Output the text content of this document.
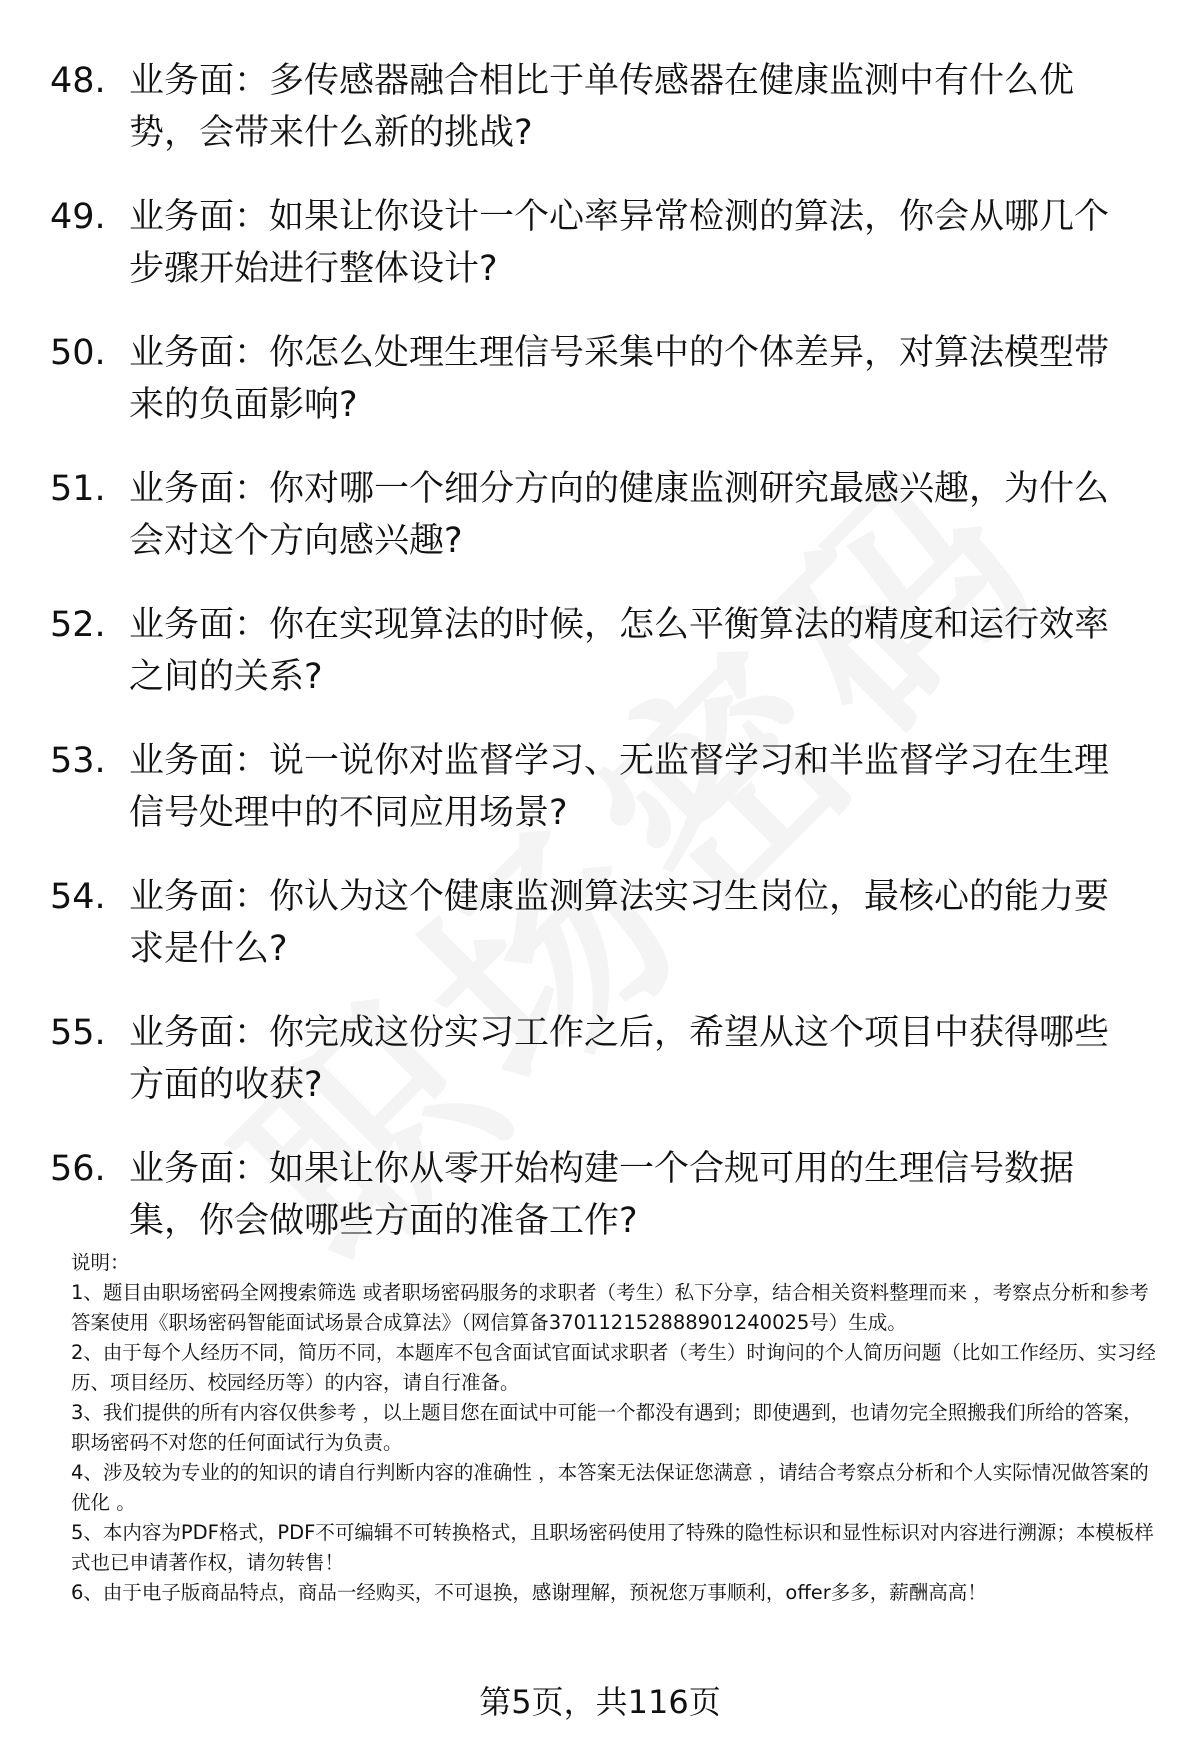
48. 业务面：多传感器融合相比于单传感器在健康监测中有什么优势，会带来什么新的挑战?
49. 业务面：如果让你设计一个心率异常检测的算法，你会从哪几个步骤开始进行整体设计?
50. 业务面：你怎么处理生理信号采集中的个体差异，对算法模型带来的负面影响?
51. 业务面：你对哪一个细分方向的健康监测研究最感兴趣，为什么会对这个方向感兴趣?
52. 业务面：你在实现算法的时候，怎么平衡算法的精度和运行效率之间的关系?
53. 业务面：说一说你对监督学习、无监督学习和半监督学习在生理信号处理中的不同应用场景?
54. 业务面：你认为这个健康监测算法实习生岗位，最核心的能力要求是什么?
55. 业务面：你完成这份实习工作之后，希望从这个项目中获得哪些方面的收获?
56. 业务面：如果让你从零开始构建一个合规可用的生理信号数据集，你会做哪些方面的准备工作?

说明：

1、题目由职场密码全网搜索筛选 或者职场密码服务的求职者（考生）私下分享，结合相关资料整理而来 ，考察点分析和参考答案使用《职场密码智能面试场景合成算法》（网信算备370112152888901240025号）生成。

2、由于每个人经历不同，简历不同，本题库不包含面试官面试求职者（考生）时询问的个人简历问题（比如工作经历、实习经历、项目经历、校园经历等）的内容，请自行准备。

3、我们提供的所有内容仅供参考 ，以上题目您在面试中可能一个都没有遇到；即使遇到，也请勿完全照搬我们所给的答案，职场密码不对您的任何面试行为负责。

4、涉及较为专业的的知识的请自行判断内容的准确性 ，本答案无法保证您满意 ，请结合考察点分析和个人实际情况做答案的优化 。

5、本内容为PDF格式，PDF不可编辑不可转换格式，且职场密码使用了特殊的隐性标识和显性标识对内容进行溯源；本模板样式也已申请著作权，请勿转售！

6、由于电子版商品特点，商品一经购买，不可退换，感谢理解，预祝您万事顺利，offer多多，薪酬高高！

第5页，共116页
